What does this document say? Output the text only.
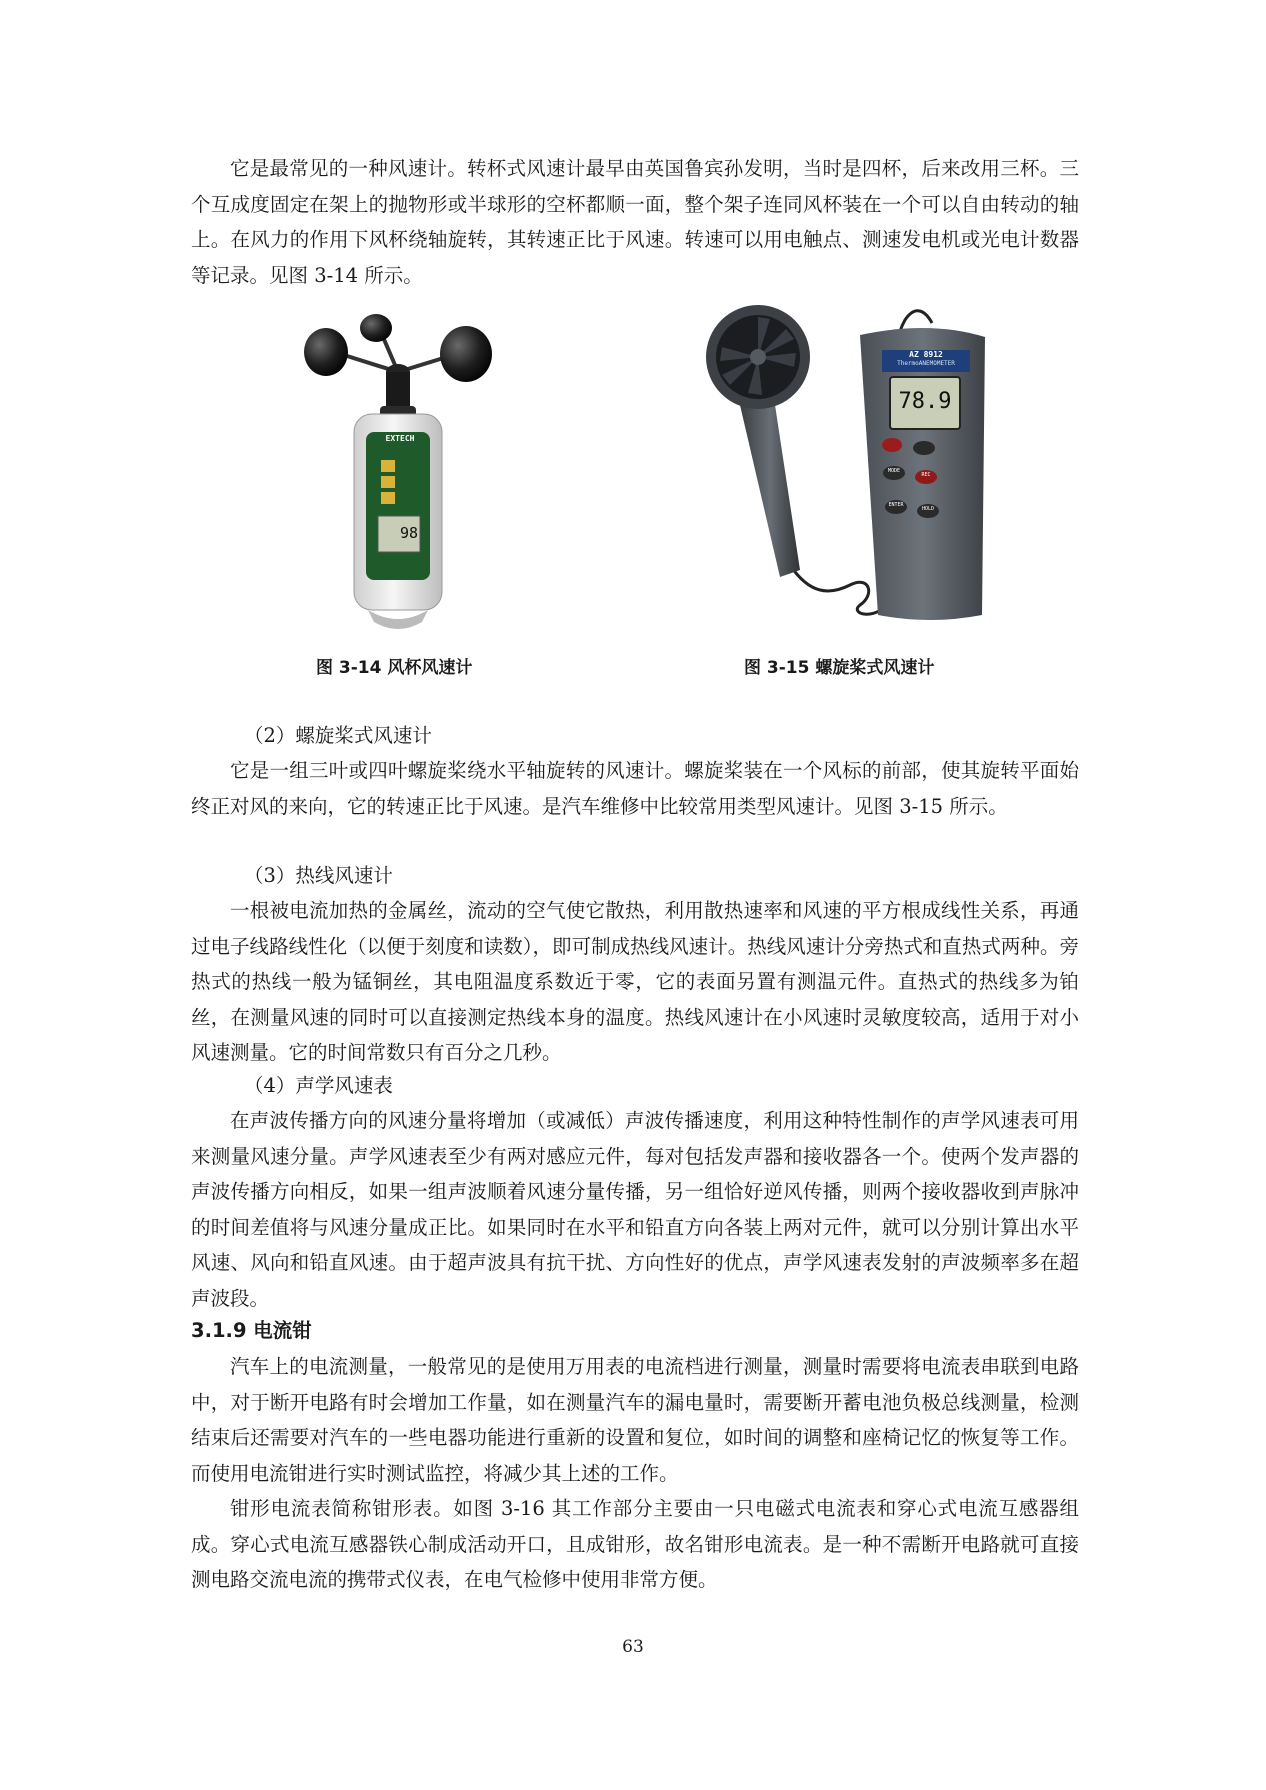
它是最常见的一种风速计。转杯式风速计最早由英国鲁宾孙发明，当时是四杯，后来改用三杯。三个互成度固定在架上的抛物形或半球形的空杯都顺一面，整个架子连同风杯装在一个可以自由转动的轴上。在风力的作用下风杯绕轴旋转，其转速正比于风速。转速可以用电触点、测速发电机或光电计数器等记录。见图 3-14 所示。

EXTECH
98

图 3-14 风杯风速计

AZ 8912
ThermoANEMOMETER
78.9
MODE
REC
ENTER
HOLD

图 3-15 螺旋桨式风速计

（2）螺旋桨式风速计

它是一组三叶或四叶螺旋桨绕水平轴旋转的风速计。螺旋桨装在一个风标的前部，使其旋转平面始终正对风的来向，它的转速正比于风速。是汽车维修中比较常用类型风速计。见图 3-15 所示。

（3）热线风速计

一根被电流加热的金属丝，流动的空气使它散热，利用散热速率和风速的平方根成线性关系，再通过电子线路线性化（以便于刻度和读数），即可制成热线风速计。热线风速计分旁热式和直热式两种。旁热式的热线一般为锰铜丝，其电阻温度系数近于零，它的表面另置有测温元件。直热式的热线多为铂丝，在测量风速的同时可以直接测定热线本身的温度。热线风速计在小风速时灵敏度较高，适用于对小风速测量。它的时间常数只有百分之几秒。

（4）声学风速表

在声波传播方向的风速分量将增加（或减低）声波传播速度，利用这种特性制作的声学风速表可用来测量风速分量。声学风速表至少有两对感应元件，每对包括发声器和接收器各一个。使两个发声器的声波传播方向相反，如果一组声波顺着风速分量传播，另一组恰好逆风传播，则两个接收器收到声脉冲的时间差值将与风速分量成正比。如果同时在水平和铅直方向各装上两对元件，就可以分别计算出水平风速、风向和铅直风速。由于超声波具有抗干扰、方向性好的优点，声学风速表发射的声波频率多在超声波段。

3.1.9 电流钳

汽车上的电流测量，一般常见的是使用万用表的电流档进行测量，测量时需要将电流表串联到电路中，对于断开电路有时会增加工作量，如在测量汽车的漏电量时，需要断开蓄电池负极总线测量，检测结束后还需要对汽车的一些电器功能进行重新的设置和复位，如时间的调整和座椅记忆的恢复等工作。而使用电流钳进行实时测试监控，将减少其上述的工作。

钳形电流表简称钳形表。如图 3-16 其工作部分主要由一只电磁式电流表和穿心式电流互感器组成。穿心式电流互感器铁心制成活动开口，且成钳形，故名钳形电流表。是一种不需断开电路就可直接测电路交流电流的携带式仪表，在电气检修中使用非常方便。

63
